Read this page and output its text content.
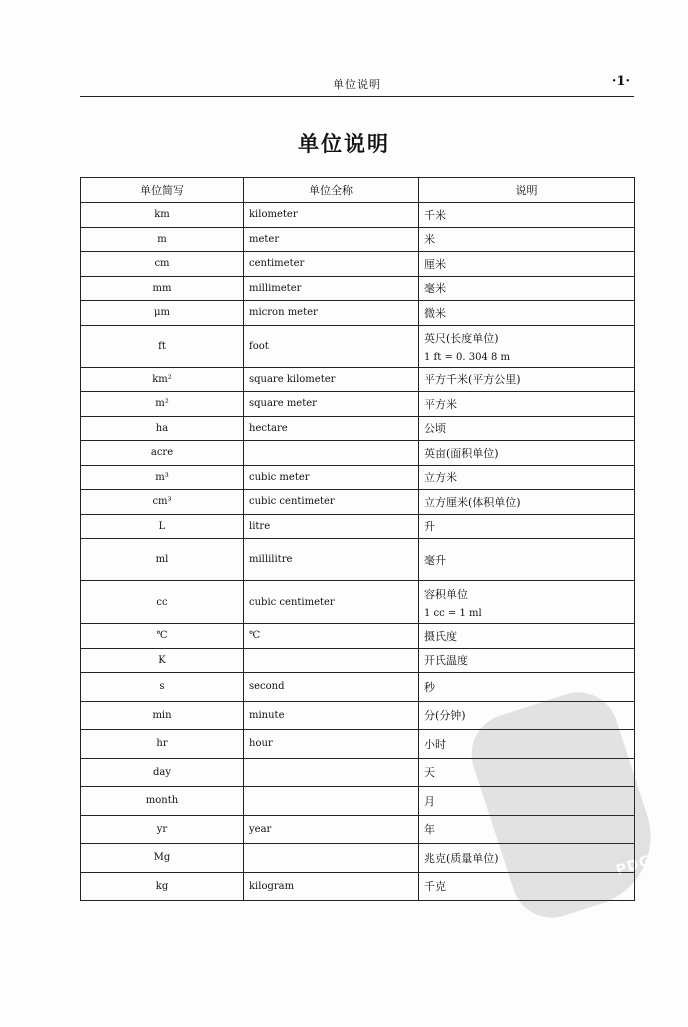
单位说明	·1·
单位说明
单位简写	单位全称	说明
km	kilometer	千米
m	meter	米
cm	centimeter	厘米
mm	millimeter	毫米
μm	micron meter	微米
ft	foot	英尺(长度单位)
1 ft = 0. 304 8 m

km²	square kilometer	平方千米(平方公里)
m²	square meter	平方米
ha	hectare	公顷
acre		英亩(面积单位)
m³	cubic meter	立方米
cm³	cubic centimeter	立方厘米(体积单位)
L	litre	升
ml	millilitre	毫升
cc	cubic centimeter	容积单位
1 cc = 1 ml

℃	℃	摄氏度
K		开氏温度
s	second	秒
min	minute	分(分钟)
hr	hour	小时
day		天
month		月
yr	year	年
Mg		兆克(质量单位)
kg	kilogram	千克
PDG
